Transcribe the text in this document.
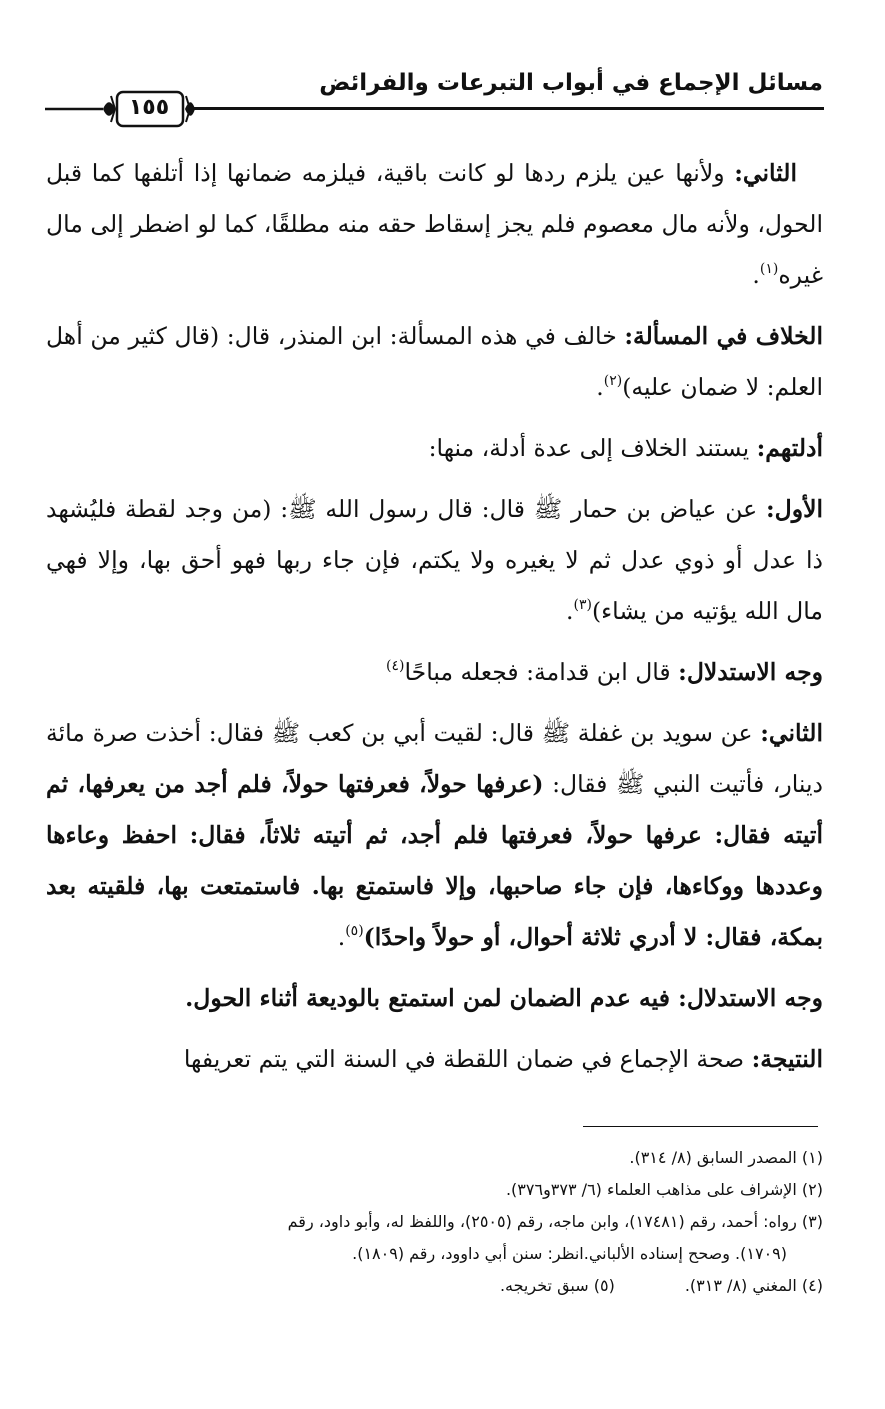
مسائل الإجماع في أبواب التبرعات والفرائض
١٥٥

الثاني: ولأنها عين يلزم ردها لو كانت باقية، فيلزمه ضمانها إذا أتلفها كما قبل الحول، ولأنه مال معصوم فلم يجز إسقاط حقه منه مطلقًا، كما لو اضطر إلى مال غيره$^{(١)}$.

الخلاف في المسألة: خالف في هذه المسألة: ابن المنذر، قال: (قال كثير من أهل العلم: لا ضمان عليه)$^{(٢)}$.

أدلتهم: يستند الخلاف إلى عدة أدلة، منها:

الأول: عن عياض بن حمار ﷺ قال: قال رسول الله ﷺ: (من وجد لقطة فليُشهد ذا عدل أو ذوي عدل ثم لا يغيره ولا يكتم، فإن جاء ربها فهو أحق بها، وإلا فهي مال الله يؤتيه من يشاء)$^{(٣)}$.

وجه الاستدلال: قال ابن قدامة: فجعله مباحًا$^{(٤)}$

الثاني: عن سويد بن غفلة ﷺ قال: لقيت أبي بن كعب ﷺ فقال: أخذت صرة مائة دينار، فأتيت النبي ﷺ فقال: (عرفها حولاً، فعرفتها حولاً، فلم أجد من يعرفها، ثم أتيته فقال: عرفها حولاً، فعرفتها فلم أجد، ثم أتيته ثلاثاً، فقال: احفظ وعاءها وعددها ووكاءها، فإن جاء صاحبها، وإلا فاستمتع بها. فاستمتعت بها، فلقيته بعد بمكة، فقال: لا أدري ثلاثة أحوال، أو حولاً واحدًا)$^{(٥)}$.

وجه الاستدلال: فيه عدم الضمان لمن استمتع بالوديعة أثناء الحول.

النتيجة: صحة الإجماع في ضمان اللقطة في السنة التي يتم تعريفها

(١) المصدر السابق (٨/ ٣١٤).

(٢) الإشراف على مذاهب العلماء (٦/ ٣٧٣و٣٧٦).

(٣) رواه: أحمد، رقم (١٧٤٨١)، وابن ماجه، رقم (٢٥٠٥)، واللفظ له، وأبو داود، رقم
(١٧٠٩). وصحح إسناده الألباني.انظر: سنن أبي داوود، رقم (١٨٠٩).

(٤) المغني (٨/ ٣١٣).

(٥) سبق تخريجه.
